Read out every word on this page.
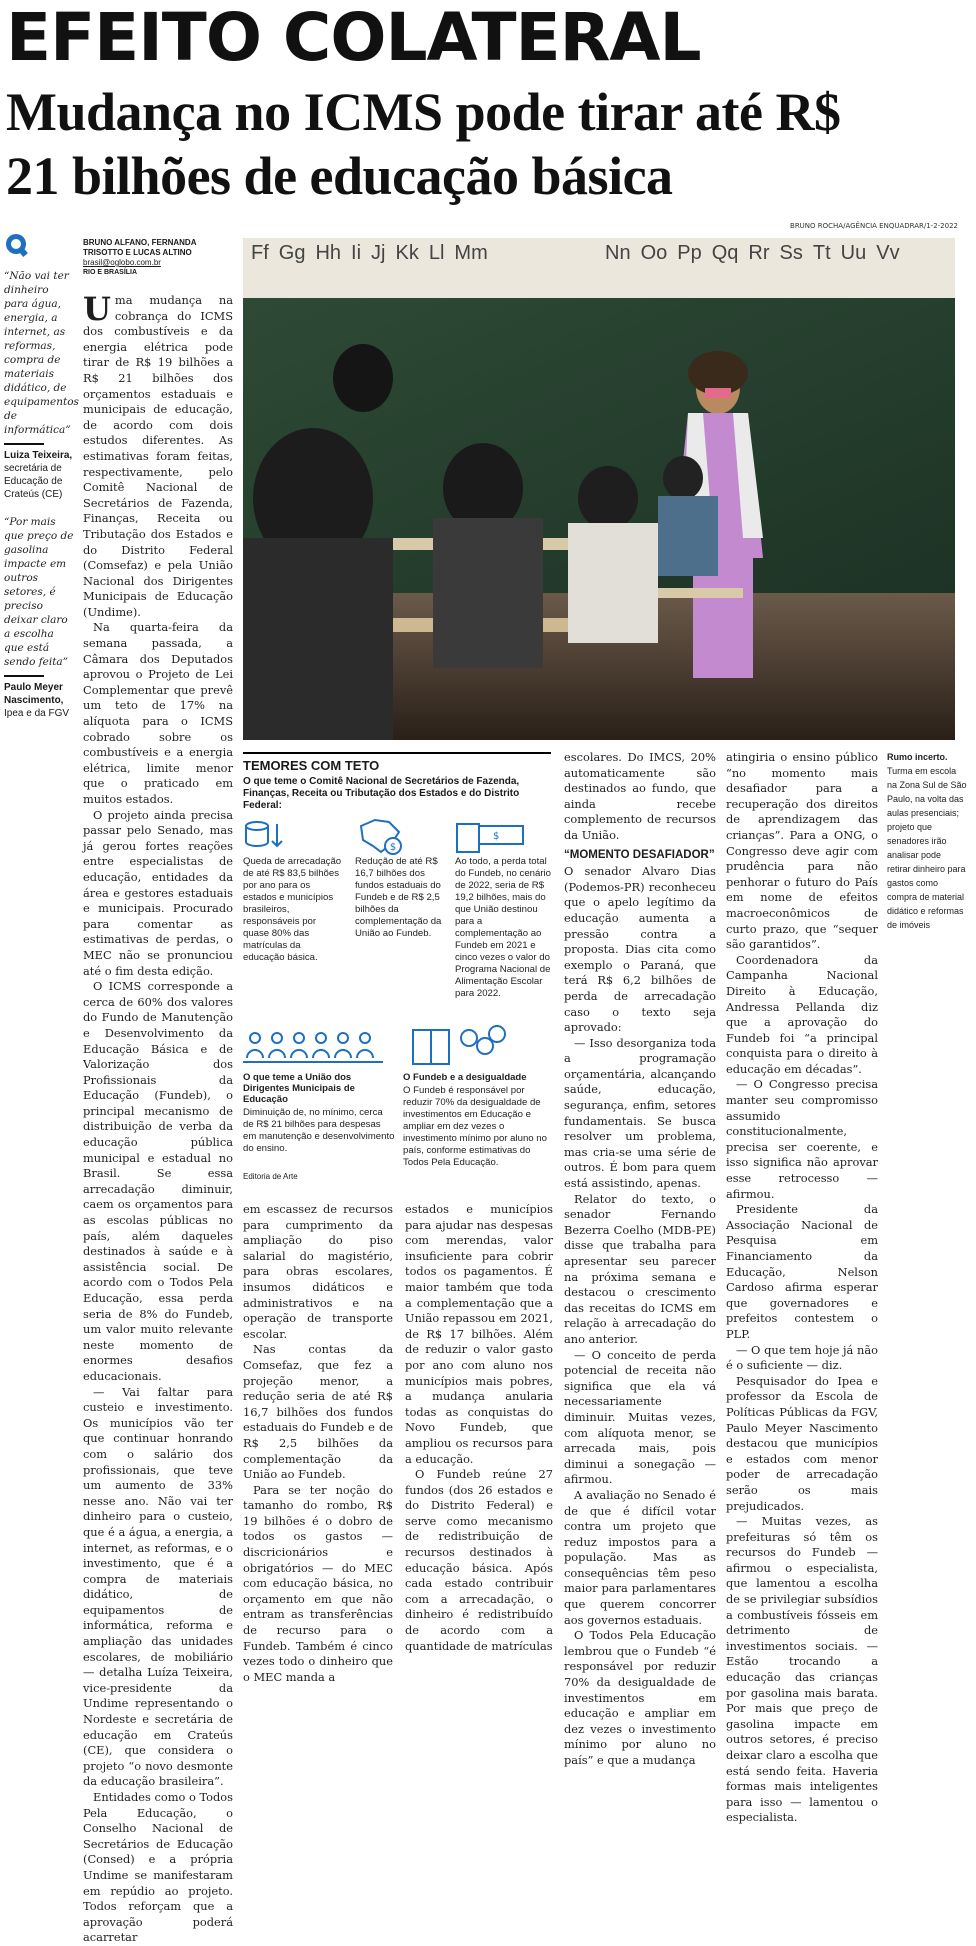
EFEITO COLATERAL
Mudança no ICMS pode tirar até R$ 21 bilhões de educação básica
BRUNO ROCHA/AGÊNCIA ENQUADRAR/1-2-2022

“Não vai ter dinheiro para água, energia, a internet, as reformas, compra de materiais didático, de equipamentos de informática”

Luiza Teixeira,
secretária de Educação de Crateús (CE)

“Por mais que preço de gasolina impacte em outros setores, é preciso deixar claro a escolha que está sendo feita”

Paulo Meyer Nascimento,
Ipea e da FGV
BRUNO ALFANO, FERNANDA TRISOTTO E LUCAS ALTINO
brasil@oglobo.com.br
RIO E BRASÍLIA

Uma mudança na cobrança do ICMS dos combustíveis e da energia elétrica pode tirar de R$ 19 bilhões a R$ 21 bilhões dos orçamentos estaduais e municipais de educação, de acordo com dois estudos diferentes. As estimativas foram feitas, respectivamente, pelo Comitê Nacional de Secretários de Fazenda, Finanças, Receita ou Tributação dos Estados e do Distrito Federal (Comsefaz) e pela União Nacional dos Dirigentes Municipais de Educação (Undime).

Na quarta-feira da semana passada, a Câmara dos Deputados aprovou o Projeto de Lei Complementar que prevê um teto de 17% na alíquota para o ICMS cobrado sobre os combustíveis e a energia elétrica, limite menor que o praticado em muitos estados.

O projeto ainda precisa passar pelo Senado, mas já gerou fortes reações entre especialistas de educação, entidades da área e gestores estaduais e municipais. Procurado para comentar as estimativas de perdas, o MEC não se pronunciou até o fim desta edição.

O ICMS corresponde a cerca de 60% dos valores do Fundo de Manutenção e Desenvolvimento da Educação Básica e de Valorização dos Profissionais da Educação (Fundeb), o principal mecanismo de distribuição de verba da educação pública municipal e estadual no Brasil. Se essa arrecadação diminuir, caem os orçamentos para as escolas públicas no país, além daqueles destinados à saúde e à assistência social. De acordo com o Todos Pela Educação, essa perda seria de 8% do Fundeb, um valor muito relevante neste momento de enormes desafios educacionais.

— Vai faltar para custeio e investimento. Os municípios vão ter que continuar honrando com o salário dos profissionais, que teve um aumento de 33% nesse ano. Não vai ter dinheiro para o custeio, que é a água, a energia, a internet, as reformas, e o investimento, que é a compra de materiais didático, de equipamentos de informática, reforma e ampliação das unidades escolares, de mobiliário — detalha Luíza Teixeira, vice-presidente da Undime representando o Nordeste e secretária de educação em Crateús (CE), que considera o projeto “o novo desmonte da educação brasileira”.

Entidades como o Todos Pela Educação, o Conselho Nacional de Secretários de Educação (Consed) e a própria Undime se manifestaram em repúdio ao projeto. Todos reforçam que a aprovação poderá acarretar

Ff Gg Hh Ii Jj Kk Ll Mm	Nn Oo Pp Qq Rr Ss Tt Uu Vv
TEMORES COM TETO
O que teme o Comitê Nacional de Secretários de Fazenda, Finanças, Receita ou Tributação dos Estados e do Distrito Federal:
$
$
Queda de arrecadação de até R$ 83,5 bilhões por ano para os estados e municípios brasileiros, responsáveis por quase 80% das matrículas da educação básica.
Redução de até R$ 16,7 bilhões dos fundos estaduais do Fundeb e de R$ 2,5 bilhões da complementação da União ao Fundeb.
Ao todo, a perda total do Fundeb, no cenário de 2022, seria de R$ 19,2 bilhões, mais do que União destinou para a complementação ao Fundeb em 2021 e cinco vezes o valor do Programa Nacional de Alimentação Escolar para 2022.
O que teme a União dos Dirigentes Municipais de Educação
Diminuição de, no mínimo, cerca de R$ 21 bilhões para despesas em manutenção e desenvolvimento do ensino.
O Fundeb e a desigualdade
O Fundeb é responsável por reduzir 70% da desigualdade de investimentos em Educação e ampliar em dez vezes o investimento mínimo por aluno no país, conforme estimativas do Todos Pela Educação.
Editoria de Arte

em escassez de recursos para cumprimento da ampliação do piso salarial do magistério, para obras escolares, insumos didáticos e administrativos e na operação de transporte escolar.

Nas contas da Comsefaz, que fez a projeção menor, a redução seria de até R$ 16,7 bilhões dos fundos estaduais do Fundeb e de R$ 2,5 bilhões da complementação da União ao Fundeb.

Para se ter noção do tamanho do rombo, R$ 19 bilhões é o dobro de todos os gastos — discricionários e obrigatórios — do MEC com educação básica, no orçamento em que não entram as transferências de recurso para o Fundeb. Também é cinco vezes todo o dinheiro que o MEC manda a

estados e municípios para ajudar nas despesas com merendas, valor insuficiente para cobrir todos os pagamentos. É maior também que toda a complementação que a União repassou em 2021, de R$ 17 bilhões. Além de reduzir o valor gasto por ano com aluno nos municípios mais pobres, a mudança anularia todas as conquistas do Novo Fundeb, que ampliou os recursos para a educação.

O Fundeb reúne 27 fundos (dos 26 estados e do Distrito Federal) e serve como mecanismo de redistribuição de recursos destinados à educação básica. Após cada estado contribuir com a arrecadação, o dinheiro é redistribuído de acordo com a quantidade de matrículas

escolares. Do IMCS, 20% automaticamente são destinados ao fundo, que ainda recebe complemento de recursos da União.

“MOMENTO DESAFIADOR”

O senador Alvaro Dias (Podemos-PR) reconheceu que o apelo legítimo da educação aumenta a pressão contra a proposta. Dias cita como exemplo o Paraná, que terá R$ 6,2 bilhões de perda de arrecadação caso o texto seja aprovado:

— Isso desorganiza toda a programação orçamentária, alcançando saúde, educação, segurança, enfim, setores fundamentais. Se busca resolver um problema, mas cria-se uma série de outros. É bom para quem está assistindo, apenas.

Relator do texto, o senador Fernando Bezerra Coelho (MDB-PE) disse que trabalha para apresentar seu parecer na próxima semana e destacou o crescimento das receitas do ICMS em relação à arrecadação do ano anterior.

— O conceito de perda potencial de receita não significa que ela vá necessariamente diminuir. Muitas vezes, com alíquota menor, se arrecada mais, pois diminui a sonegação — afirmou.

A avaliação no Senado é de que é difícil votar contra um projeto que reduz impostos para a população. Mas as consequências têm peso maior para parlamentares que querem concorrer aos governos estaduais.

O Todos Pela Educação lembrou que o Fundeb “é responsável por reduzir 70% da desigualdade de investimentos em educação e ampliar em dez vezes o investimento mínimo por aluno no país” e que a mudança

atingiria o ensino público “no momento mais desafiador para a recuperação dos direitos de aprendizagem das crianças”. Para a ONG, o Congresso deve agir com prudência para não penhorar o futuro do País em nome de efeitos macroeconômicos de curto prazo, que “sequer são garantidos”.

Coordenadora da Campanha Nacional Direito à Educação, Andressa Pellanda diz que a aprovação do Fundeb foi “a principal conquista para o direito à educação em décadas”.

— O Congresso precisa manter seu compromisso assumido constitucionalmente, precisa ser coerente, e isso significa não aprovar esse retrocesso — afirmou.

Presidente da Associação Nacional de Pesquisa em Financiamento da Educação, Nelson Cardoso afirma esperar que governadores e prefeitos contestem o PLP.

— O que tem hoje já não é o suficiente — diz.

Pesquisador do Ipea e professor da Escola de Políticas Públicas da FGV, Paulo Meyer Nascimento destacou que municípios e estados com menor poder de arrecadação serão os mais prejudicados.

— Muitas vezes, as prefeituras só têm os recursos do Fundeb — afirmou o especialista, que lamentou a escolha de se privilegiar subsídios a combustíveis fósseis em detrimento de investimentos sociais. — Estão trocando a educação das crianças por gasolina mais barata. Por mais que preço de gasolina impacte em outros setores, é preciso deixar claro a escolha que está sendo feita. Haveria formas mais inteligentes para isso — lamentou o especialista.

Rumo incerto. Turma em escola na Zona Sul de São Paulo, na volta das aulas presenciais; projeto que senadores irão analisar pode retirar dinheiro para gastos como compra de material didático e reformas de imóveis
